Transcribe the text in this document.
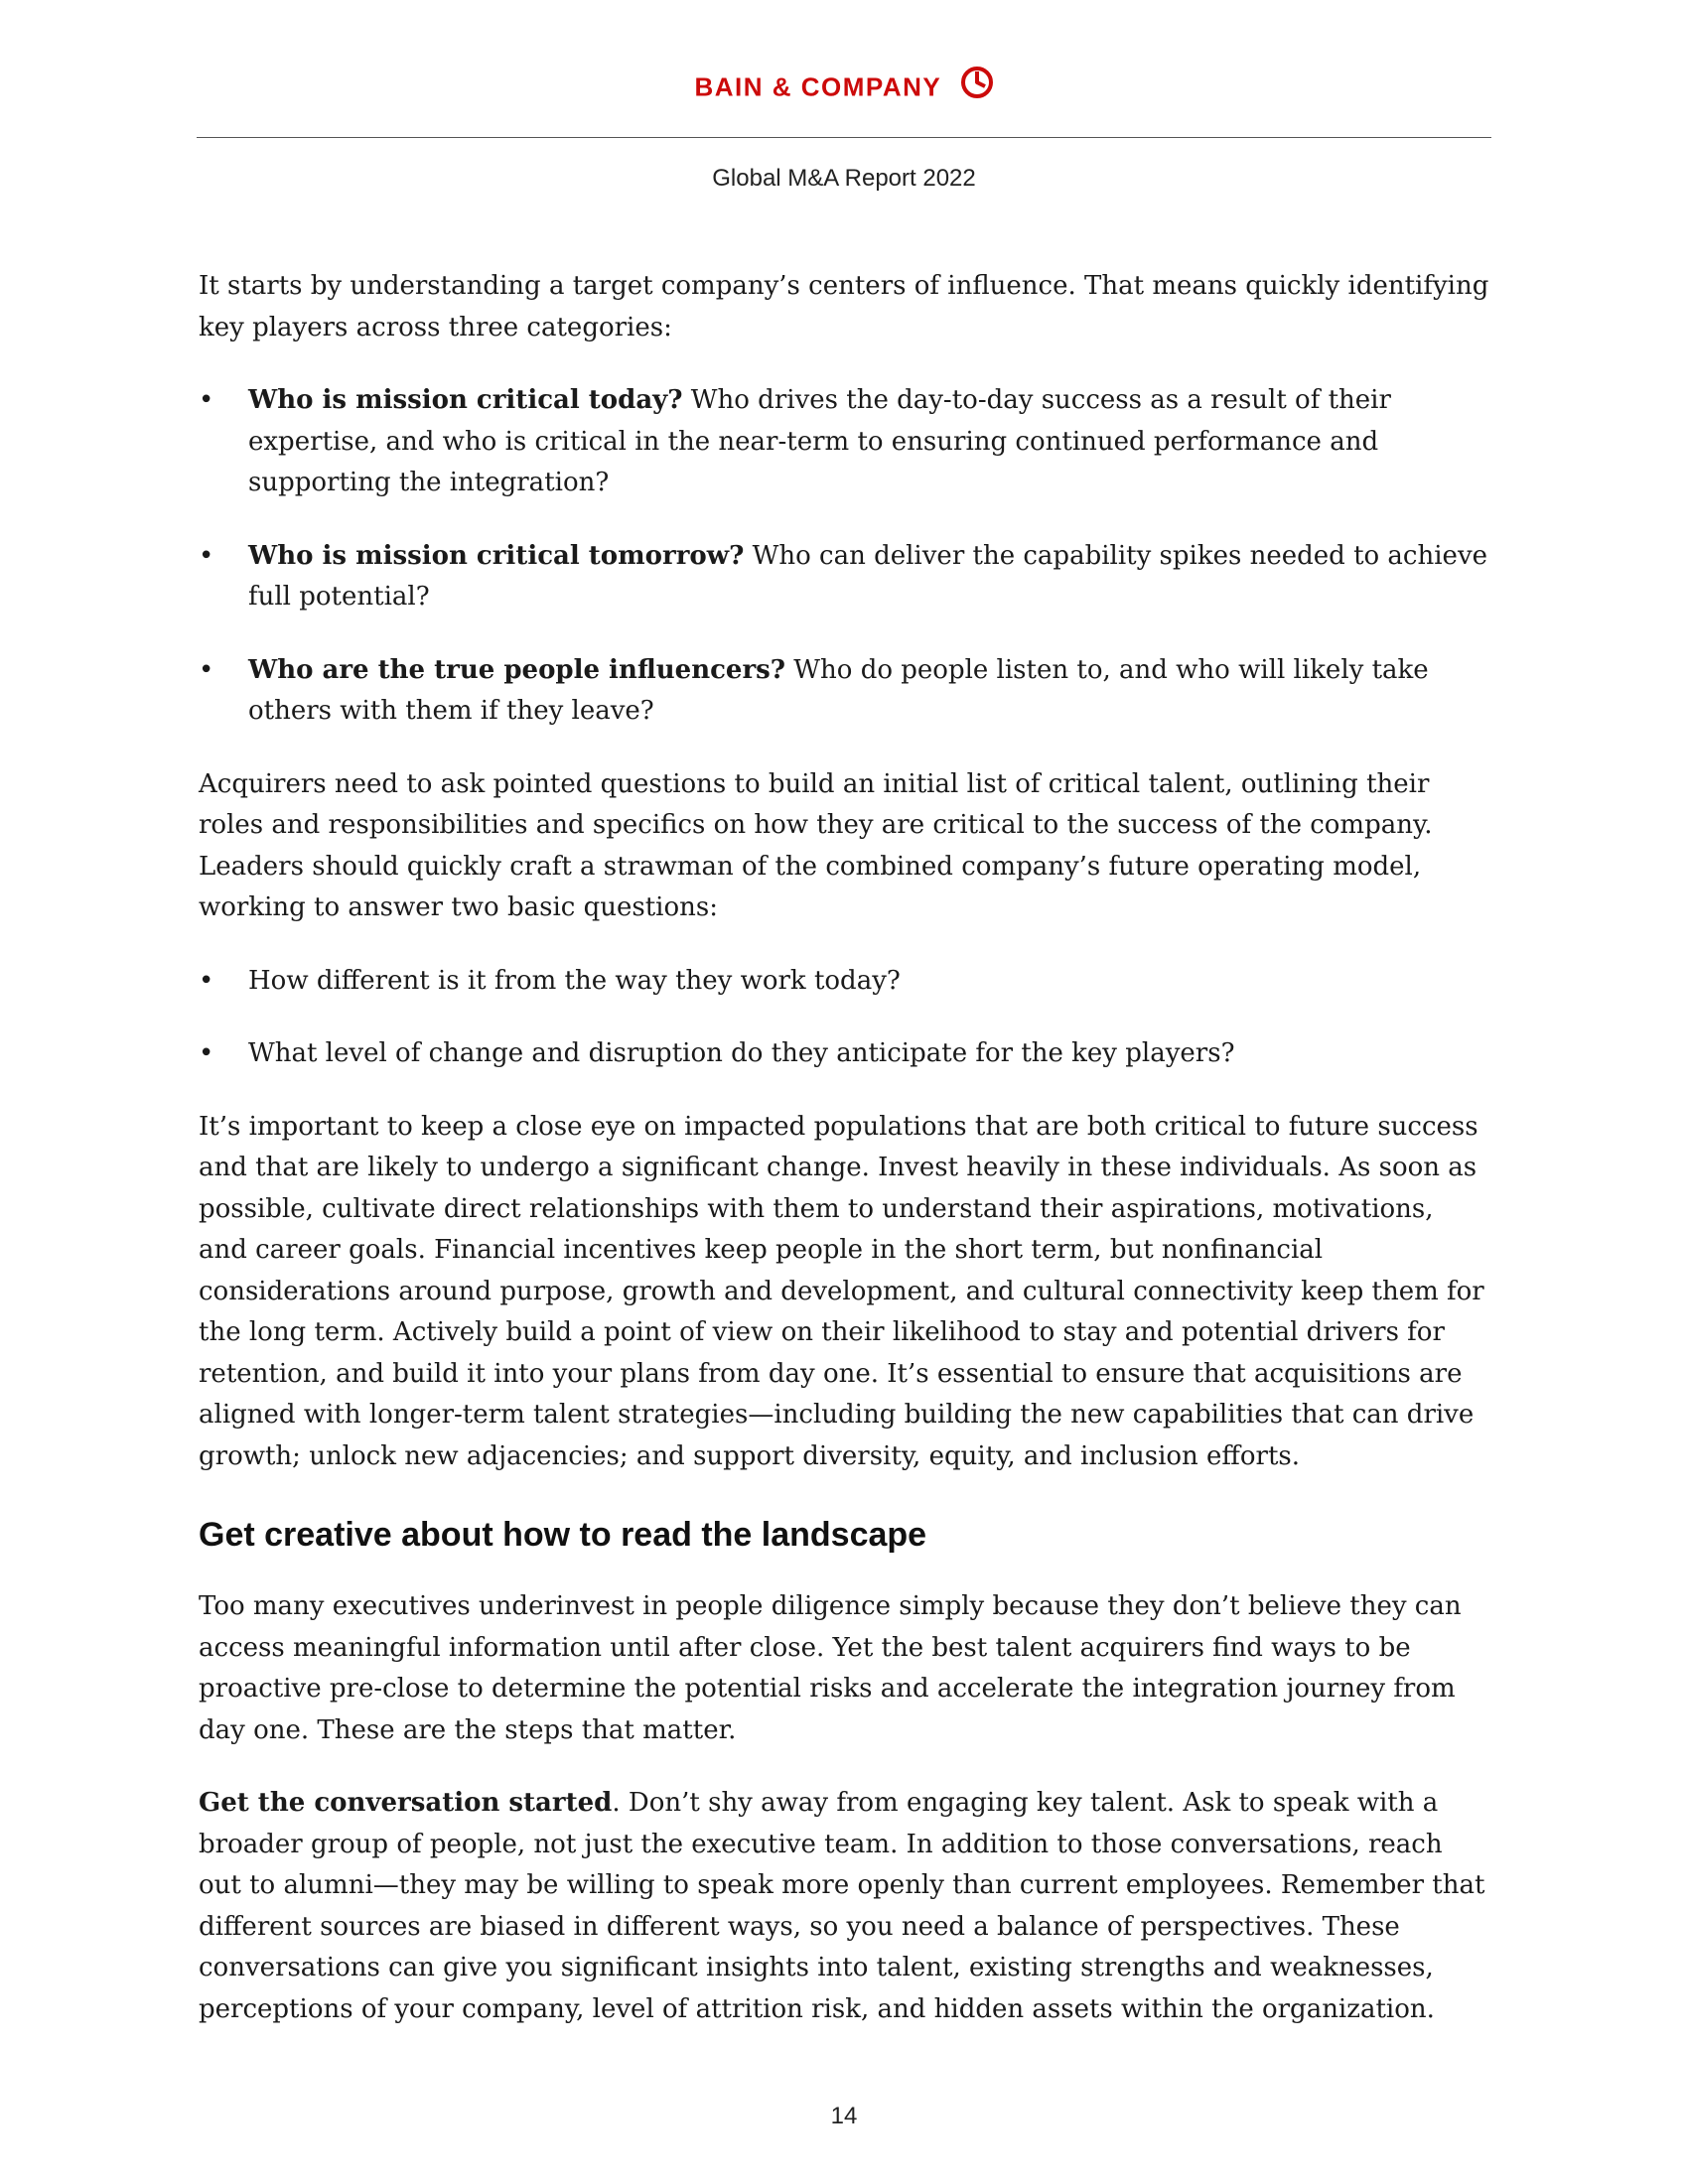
BAIN & COMPANY
Global M&A Report 2022

It starts by understanding a target company’s centers of influence. That means quickly identifying key players across three categories:

• Who is mission critical today? Who drives the day-to-day success as a result of their expertise, and who is critical in the near-term to ensuring continued performance and supporting the integration?
• Who is mission critical tomorrow? Who can deliver the capability spikes needed to achieve full potential?
• Who are the true people influencers? Who do people listen to, and who will likely take others with them if they leave?

Acquirers need to ask pointed questions to build an initial list of critical talent, outlining their roles and responsibilities and specifics on how they are critical to the success of the company. Leaders should quickly craft a strawman of the combined company’s future operating model, working to answer two basic questions:

• How different is it from the way they work today?
• What level of change and disruption do they anticipate for the key players?

It’s important to keep a close eye on impacted populations that are both critical to future success and that are likely to undergo a significant change. Invest heavily in these individuals. As soon as possible, cultivate direct relationships with them to understand their aspirations, motivations, and career goals. Financial incentives keep people in the short term, but nonfinancial considerations around purpose, growth and development, and cultural connectivity keep them for the long term. Actively build a point of view on their likelihood to stay and potential drivers for retention, and build it into your plans from day one. It’s essential to ensure that acquisitions are aligned with longer-term talent strategies—including building the new capabilities that can drive growth; unlock new adjacencies; and support diversity, equity, and inclusion efforts.

Get creative about how to read the landscape

Too many executives underinvest in people diligence simply because they don’t believe they can access meaningful information until after close. Yet the best talent acquirers find ways to be proactive pre-close to determine the potential risks and accelerate the integration journey from day one. These are the steps that matter.

Get the conversation started. Don’t shy away from engaging key talent. Ask to speak with a broader group of people, not just the executive team. In addition to those conversations, reach out to alumni—they may be willing to speak more openly than current employees. Remember that different sources are biased in different ways, so you need a balance of perspectives. These conversations can give you significant insights into talent, existing strengths and weaknesses, perceptions of your company, level of attrition risk, and hidden assets within the organization.

14
